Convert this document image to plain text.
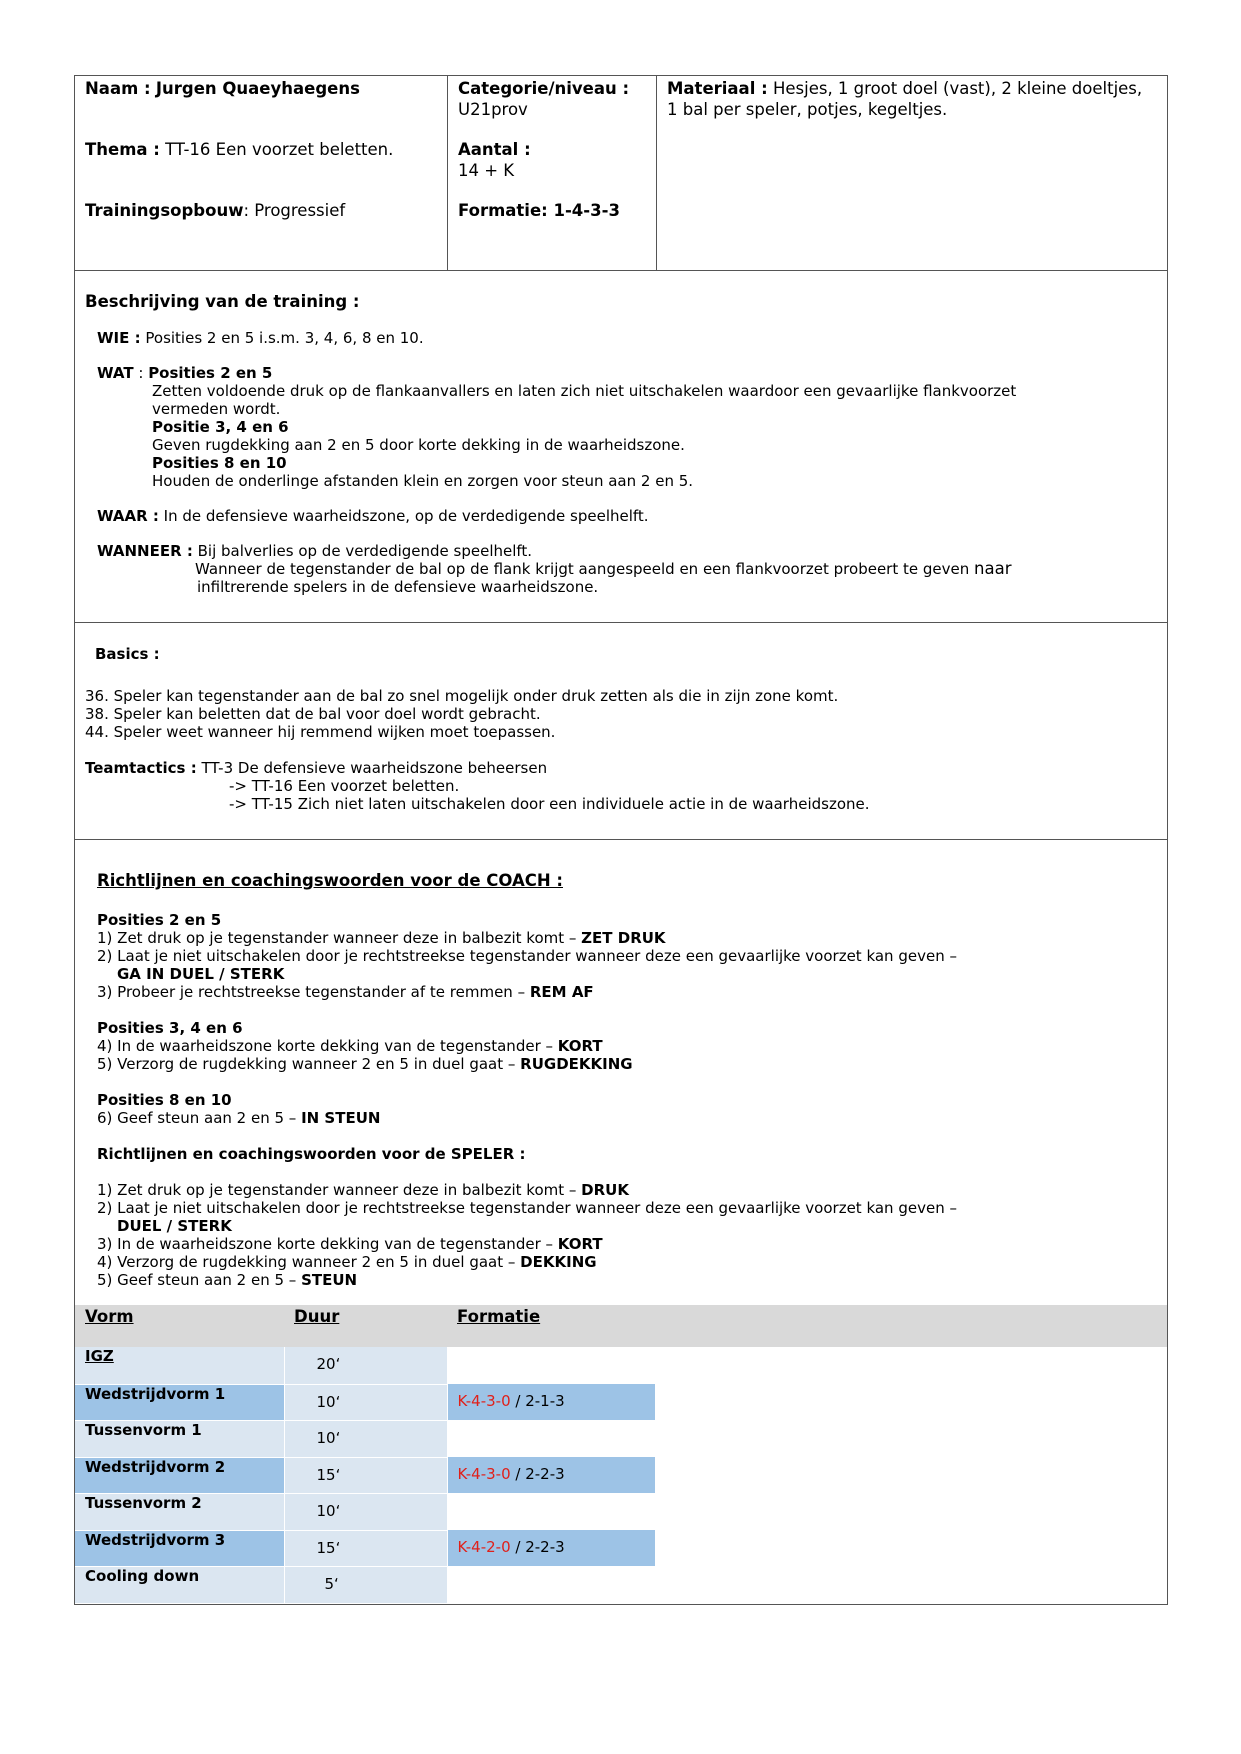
Naam : Jurgen Quaeyhaegens

Thema : TT-16 Een voorzet beletten.

Trainingsopbouw: Progressief

Categorie/niveau :

U21prov

Aantal :

14 + K

Formatie: 1-4-3-3

Materiaal : Hesjes, 1 groot doel (vast), 2 kleine doeltjes, 1 bal per speler, potjes, kegeltjes.

Beschrijving van de training :

WIE : Posities 2 en 5 i.s.m. 3, 4, 6, 8 en 10.

WAT : Posities 2 en 5

Zetten voldoende druk op de flankaanvallers en laten zich niet uitschakelen waardoor een gevaarlijke flankvoorzet

vermeden wordt.

Positie 3, 4 en 6

Geven rugdekking aan 2 en 5 door korte dekking in de waarheidszone.

Posities 8 en 10

Houden de onderlinge afstanden klein en zorgen voor steun aan 2 en 5.

WAAR : In de defensieve waarheidszone, op de verdedigende speelhelft.

WANNEER : Bij balverlies op de verdedigende speelhelft.

Wanneer de tegenstander de bal op de flank krijgt aangespeeld en een flankvoorzet probeert te geven naar

infiltrerende spelers in de defensieve waarheidszone.

Basics :

36. Speler kan tegenstander aan de bal zo snel mogelijk onder druk zetten als die in zijn zone komt.

38. Speler kan beletten dat de bal voor doel wordt gebracht.

44. Speler weet wanneer hij remmend wijken moet toepassen.

Teamtactics : TT-3 De defensieve waarheidszone beheersen

-> TT-16 Een voorzet beletten.

-> TT-15 Zich niet laten uitschakelen door een individuele actie in de waarheidszone.

Richtlijnen en coachingswoorden voor de COACH :

Posities 2 en 5

1) Zet druk op je tegenstander wanneer deze in balbezit komt – ZET DRUK

2) Laat je niet uitschakelen door je rechtstreekse tegenstander wanneer deze een gevaarlijke voorzet kan geven –

GA IN DUEL / STERK

3) Probeer je rechtstreekse tegenstander af te remmen – REM AF

Posities 3, 4 en 6

4) In de waarheidszone korte dekking van de tegenstander – KORT

5) Verzorg de rugdekking wanneer 2 en 5 in duel gaat – RUGDEKKING

Posities 8 en 10

6) Geef steun aan 2 en 5 – IN STEUN

Richtlijnen en coachingswoorden voor de SPELER :

1) Zet druk op je tegenstander wanneer deze in balbezit komt – DRUK

2) Laat je niet uitschakelen door je rechtstreekse tegenstander wanneer deze een gevaarlijke voorzet kan geven –

DUEL / STERK

3) In de waarheidszone korte dekking van de tegenstander – KORT

4) Verzorg de rugdekking wanneer 2 en 5 in duel gaat – DEKKING

5) Geef steun aan 2 en 5 – STEUN

Vorm	Duur	Formatie	
IGZ	20‘		
Wedstrijdvorm 1	10‘	K-4-3-0 / 2-1-3	
Tussenvorm 1	10‘		
Wedstrijdvorm 2	15‘	K-4-3-0 / 2-2-3	
Tussenvorm 2	10‘		
Wedstrijdvorm 3	15‘	K-4-2-0 / 2-2-3	
Cooling down	5‘		
